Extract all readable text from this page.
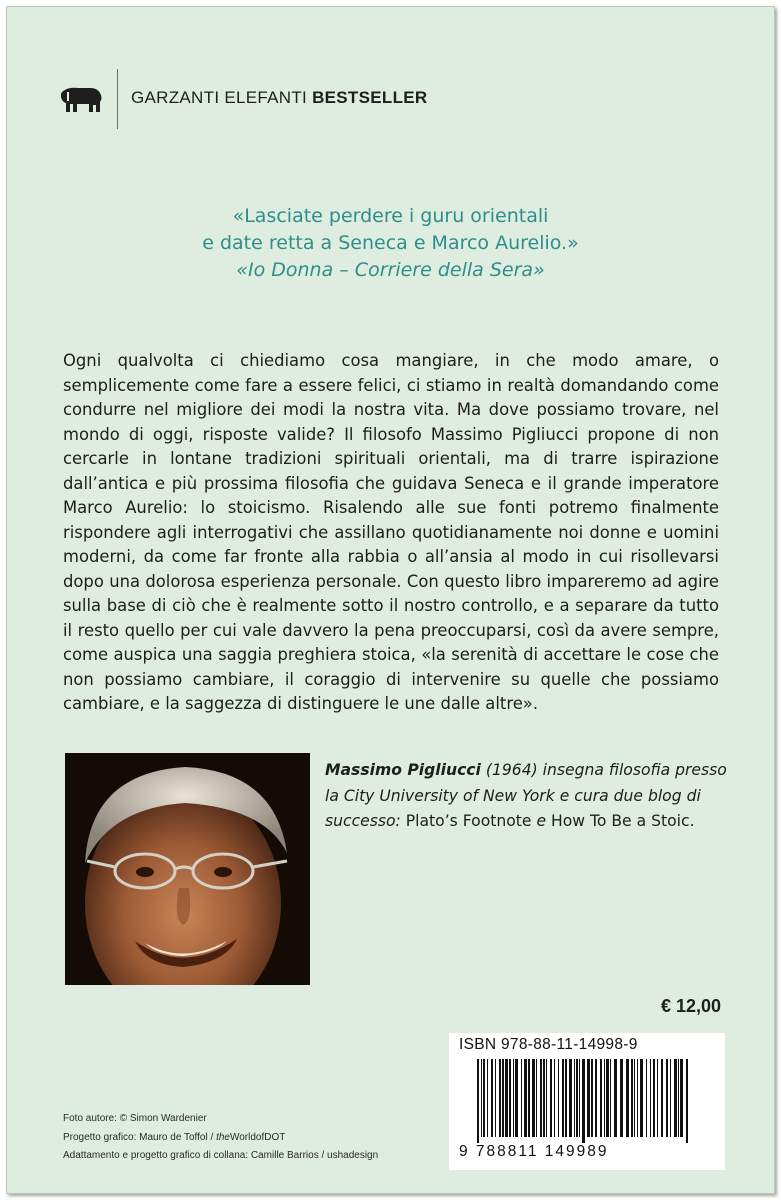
GARZANTI ELEFANTI BESTSELLER
«Lasciate perdere i guru orientali
e date retta a Seneca e Marco Aurelio.»
«Io Donna – Corriere della Sera»
Ogni qualvolta ci chiediamo cosa mangiare, in che modo amare, o semplicemente come fare a essere felici, ci stiamo in realtà domandando come condurre nel migliore dei modi la nostra vita. Ma dove possiamo trovare, nel mondo di oggi, risposte valide? Il filosofo Massimo Pigliucci propone di non cercarle in lontane tradizioni spirituali orientali, ma di trarre ispirazione dall’antica e più prossima filosofia che guidava Seneca e il grande imperatore Marco Aurelio: lo stoicismo. Risalendo alle sue fonti potremo finalmente rispondere agli interrogativi che assillano quotidianamente noi donne e uomini moderni, da come far fronte alla rabbia o all’ansia al modo in cui risollevarsi dopo una dolorosa esperienza personale. Con questo libro impareremo ad agire sulla base di ciò che è realmente sotto il nostro controllo, e a separare da tutto il resto quello per cui vale davvero la pena preoccuparsi, così da avere sempre, come auspica una saggia preghiera stoica, «la serenità di accettare le cose che non possiamo cambiare, il coraggio di intervenire su quelle che possiamo cambiare, e la saggezza di distinguere le une dalle altre».
Massimo Pigliucci (1964) insegna filosofia presso la City University of New York e cura due blog di successo: Plato’s Footnote e How To Be a Stoic.
€ 12,00
ISBN 978-88-11-14998-9
9 788811 149989
Foto autore: © Simon Wardenier
Progetto grafico: Mauro de Toffol / theWorldofDOT
Adattamento e progetto grafico di collana: Camille Barrios / ushadesign
